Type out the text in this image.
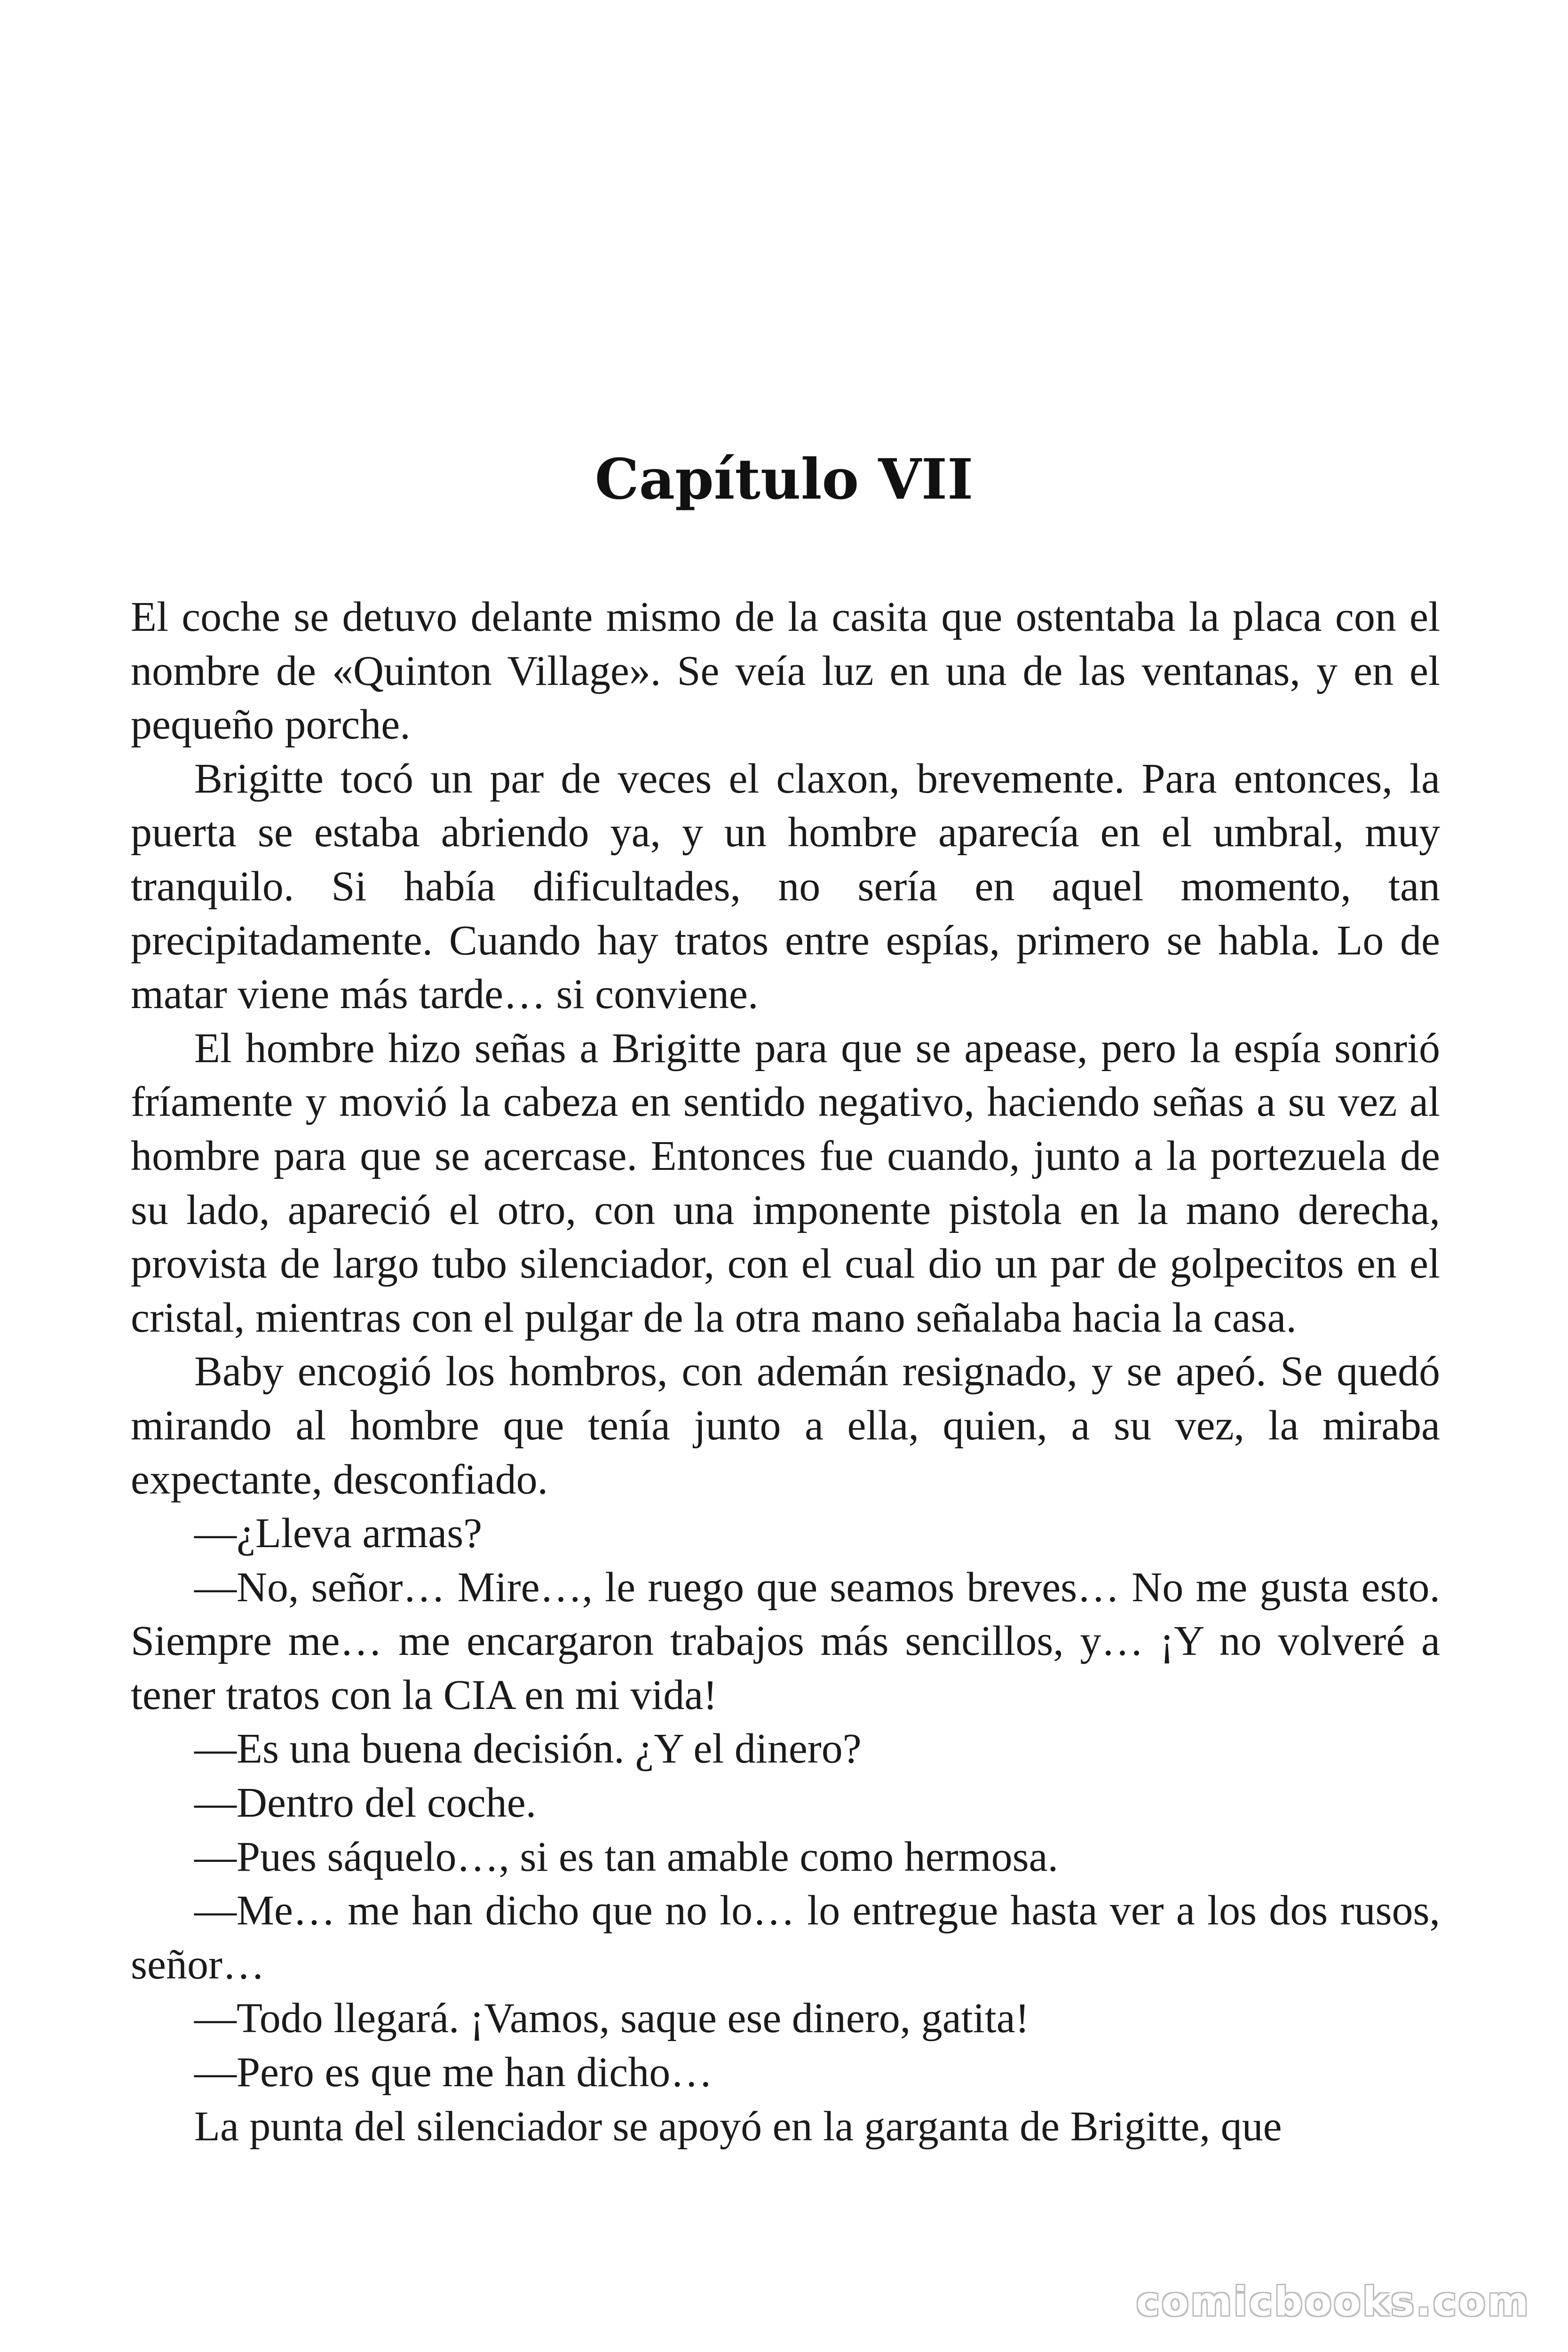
Capítulo VII

El coche se detuvo delante mismo de la casita que ostentaba la placa con el nombre de «Quinton Village». Se veía luz en una de las ventanas, y en el pequeño porche.

Brigitte tocó un par de veces el claxon, brevemente. Para entonces, la puerta se estaba abriendo ya, y un hombre aparecía en el umbral, muy tranquilo. Si había dificultades, no sería en aquel momento, tan precipitadamente. Cuando hay tratos entre espías, primero se habla. Lo de matar viene más tarde… si conviene.

El hombre hizo señas a Brigitte para que se apease, pero la espía sonrió fríamente y movió la cabeza en sentido negativo, haciendo señas a su vez al hombre para que se acercase. Entonces fue cuando, junto a la portezuela de su lado, apareció el otro, con una imponente pistola en la mano derecha, provista de largo tubo silenciador, con el cual dio un par de golpecitos en el cristal, mientras con el pulgar de la otra mano señalaba hacia la casa.

Baby encogió los hombros, con ademán resignado, y se apeó. Se quedó mirando al hombre que tenía junto a ella, quien, a su vez, la miraba expectante, desconfiado.

—¿Lleva armas?

—No, señor… Mire…, le ruego que seamos breves… No me gusta esto. Siempre me… me encargaron trabajos más sencillos, y… ¡Y no volveré a tener tratos con la CIA en mi vida!

—Es una buena decisión. ¿Y el dinero?

—Dentro del coche.

—Pues sáquelo…, si es tan amable como hermosa.

—Me… me han dicho que no lo… lo entregue hasta ver a los dos rusos, señor…

—Todo llegará. ¡Vamos, saque ese dinero, gatita!

—Pero es que me han dicho…

La punta del silenciador se apoyó en la garganta de Brigitte, que

comicbooks.com
